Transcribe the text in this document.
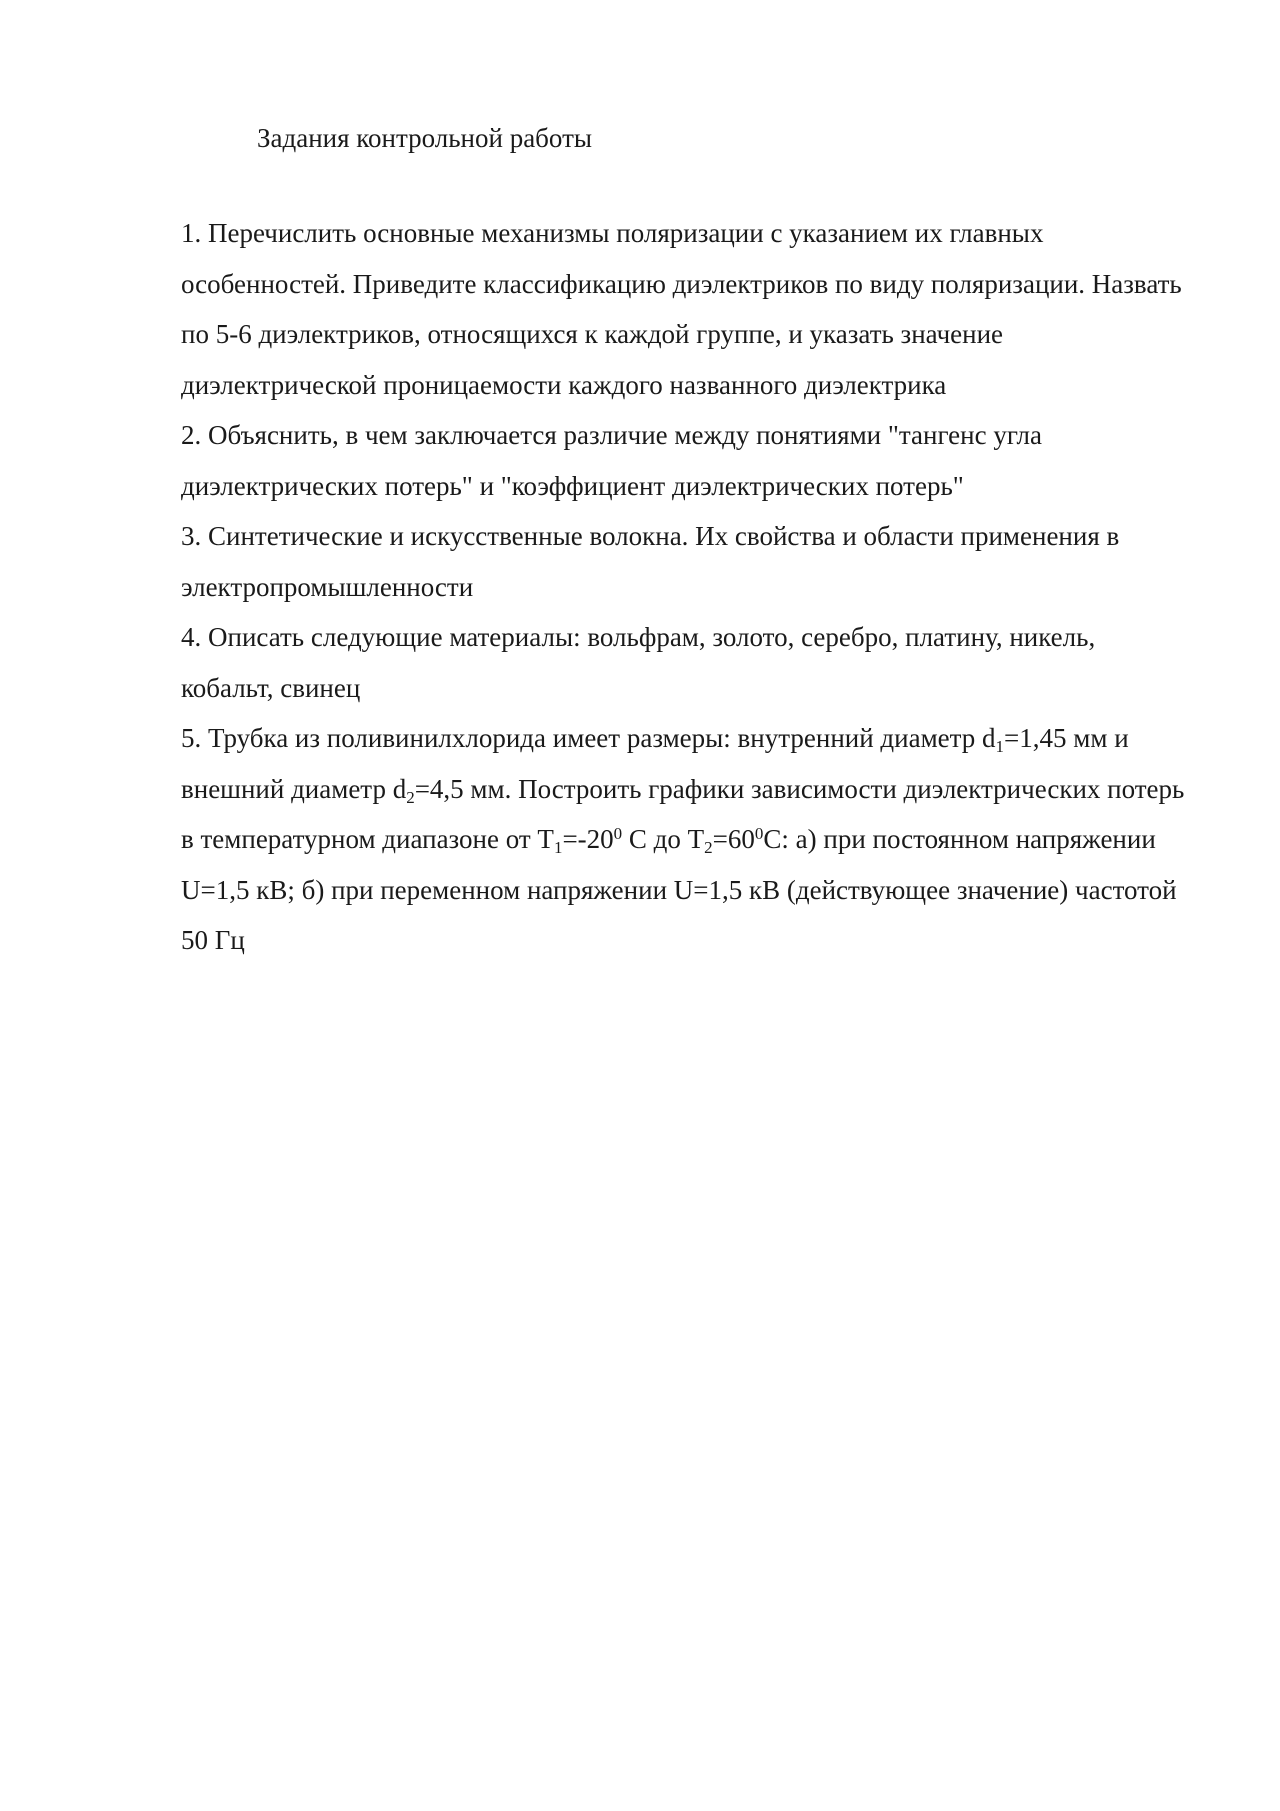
Задания контрольной работы

1. Перечислить основные механизмы поляризации с указанием их главных особенностей. Приведите классификацию диэлектриков по виду поляризации. Назвать по 5-6 диэлектриков, относящихся к каждой группе, и указать значение диэлектрической проницаемости каждого названного диэлектрика

2. Объяснить, в чем заключается различие между понятиями "тангенс угла диэлектрических потерь" и "коэффициент диэлектрических потерь"

3. Синтетические и искусственные волокна. Их свойства и области применения в электропромышленности

4. Описать следующие материалы: вольфрам, золото, серебро, платину, никель, кобальт, свинец

5. Трубка из поливинилхлорида имеет размеры: внутренний диаметр $d_1=1,45$ мм и внешний диаметр $d_2=4,5$ мм. Построить графики зависимости диэлектрических потерь в температурном диапазоне от $Т_1=-20^0$ С до $Т_2=60^0С$: а) при постоянном напряжении U=1,5 кВ; б) при переменном напряжении U=1,5 кВ (действующее значение) частотой 50 Гц
